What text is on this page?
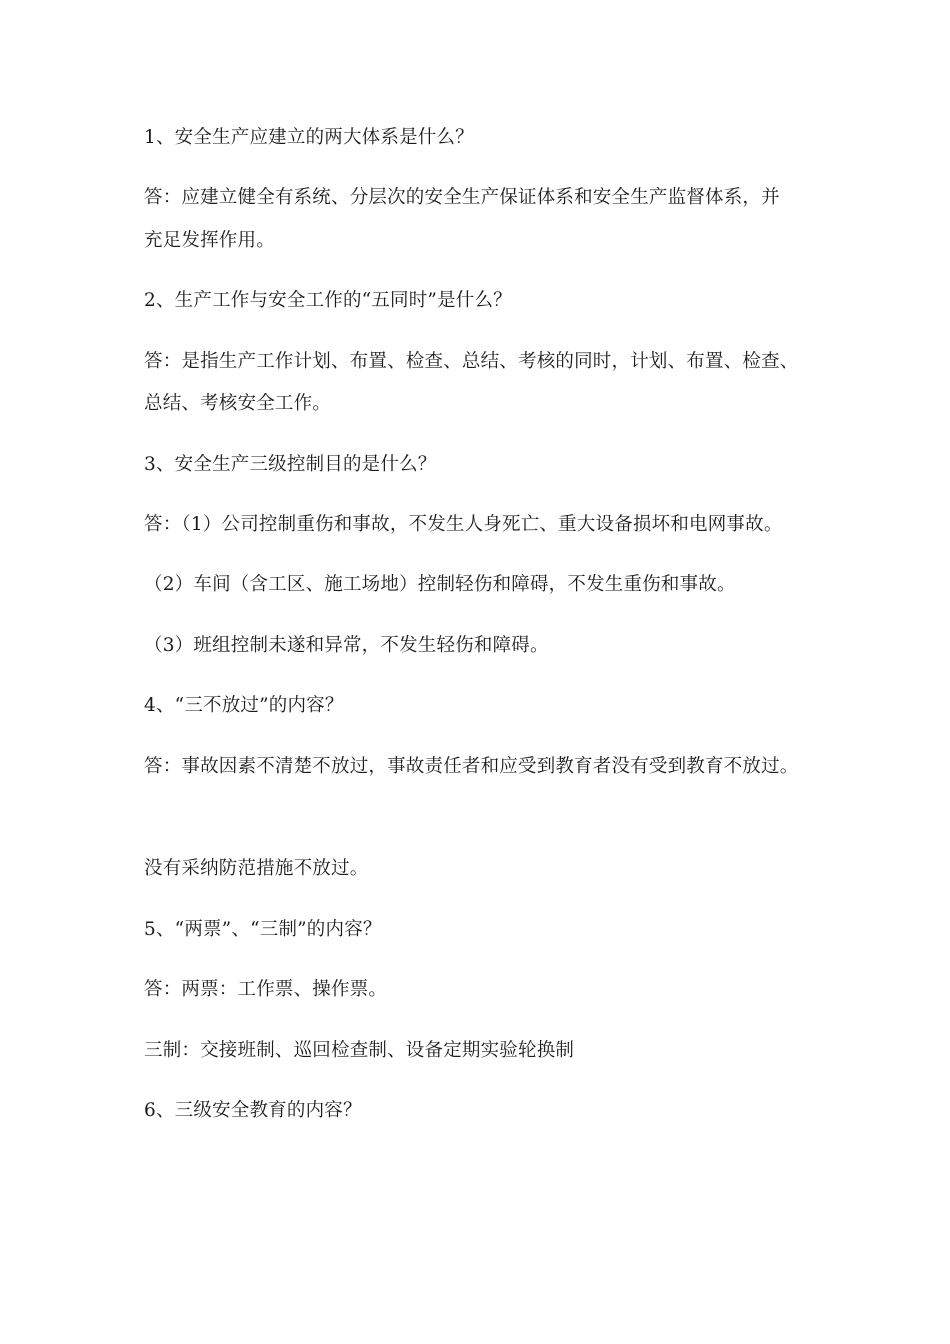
1、安全生产应建立的两大体系是什么？

答：应建立健全有系统、分层次的安全生产保证体系和安全生产监督体系，并

充足发挥作用。

2、生产工作与安全工作的“五同时”是什么？

答：是指生产工作计划、布置、检查、总结、考核的同时，计划、布置、检查、

总结、考核安全工作。

3、安全生产三级控制目的是什么？

答：（1）公司控制重伤和事故，不发生人身死亡、重大设备损坏和电网事故。

（2）车间（含工区、施工场地）控制轻伤和障碍，不发生重伤和事故。

（3）班组控制未遂和异常，不发生轻伤和障碍。

4、“三不放过”的内容？

答：事故因素不清楚不放过，事故责任者和应受到教育者没有受到教育不放过。

没有采纳防范措施不放过。

5、“两票”、“三制”的内容？

答：两票：工作票、操作票。

三制：交接班制、巡回检查制、设备定期实验轮换制

6、三级安全教育的内容？
